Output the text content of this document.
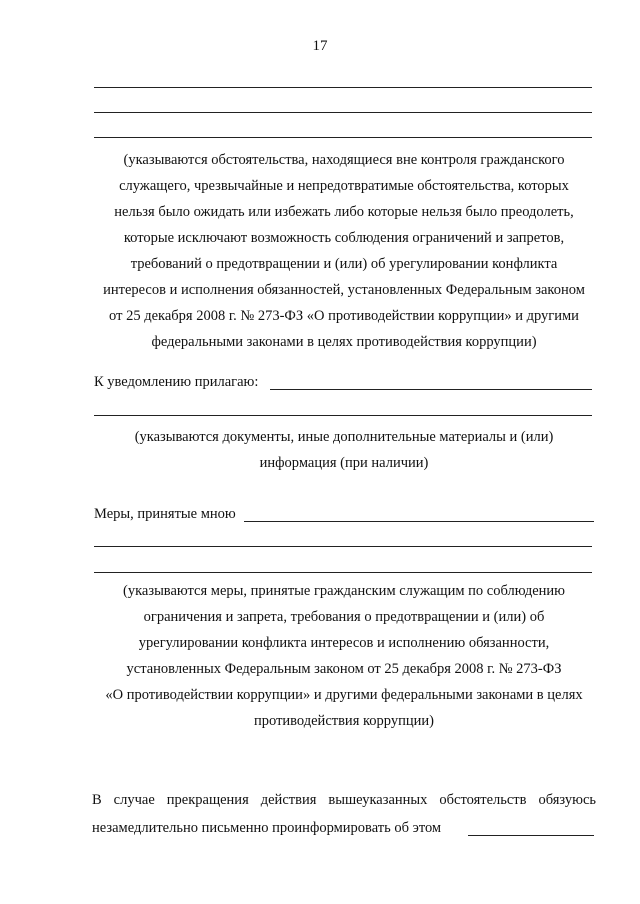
17
(указываются обстоятельства, находящиеся вне контроля гражданского
служащего, чрезвычайные и непредотвратимые обстоятельства, которых
нельзя было ожидать или избежать либо которые нельзя было преодолеть,
которые исключают возможность соблюдения ограничений и запретов,
требований о предотвращении и (или) об урегулировании конфликта
интересов и исполнения обязанностей, установленных Федеральным законом
от 25 декабря 2008 г. № 273-ФЗ «О противодействии коррупции» и другими
федеральными законами в целях противодействия коррупции)
К уведомлению прилагаю:
(указываются документы, иные дополнительные материалы и (или)
информация (при наличии)
Меры, принятые мною
(указываются меры, принятые гражданским служащим по соблюдению
ограничения и запрета, требования о предотвращении и (или) об
урегулировании конфликта интересов и исполнению обязанности,
установленных Федеральным законом от 25 декабря 2008 г. № 273-ФЗ
«О противодействии коррупции» и другими федеральными законами в целях
противодействия коррупции)
В случае прекращения действия вышеуказанных обстоятельств обязуюсь
незамедлительно письменно проинформировать об этом
